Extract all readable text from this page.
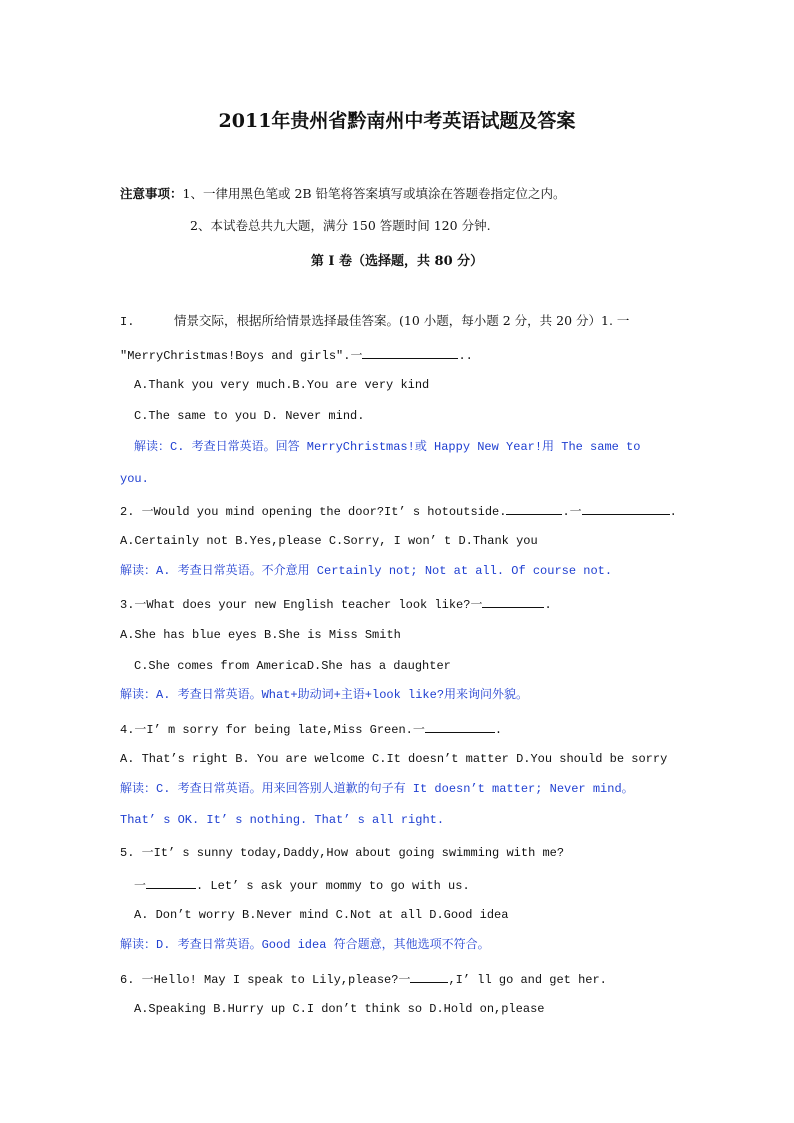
2011年贵州省黔南州中考英语试题及答案
注意事项：1、一律用黑色笔或 2B 铅笔将答案填写或填涂在答题卷指定位之内。
2、本试卷总共九大题，满分 150 答题时间 120 分钟.
第 I 卷（选择题，共 80 分）
I.	情景交际，根据所给情景选择最佳答案。(10 小题，每小题 2 分，共 20 分）1. 一
"MerryChristmas!Boys and girls".一	..
A.Thank you very much.B.You are very kind
C.The same to you D. Never mind.
解读：C. 考查日常英语。回答 MerryChristmas!或 Happy New Year!用 The same to
you.
2. 一Would you mind opening the door?It’ s hotoutside.	.一	.
A.Certainly not B.Yes,please C.Sorry, I won’ t D.Thank you
解读：A. 考查日常英语。不介意用 Certainly not; Not at all. Of course not.
3.一What does your new English teacher look like?一	.
A.She has blue eyes B.She is Miss Smith
C.She comes from AmericaD.She has a daughter
解读：A. 考查日常英语。What+助动词+主语+look like?用来询问外貌。
4.一I’ m sorry for being late,Miss Green.一	.
A. That’s right B. You are welcome C.It doesn’t matter D.You should be sorry
解读：C. 考查日常英语。用来回答别人道歉的句子有 It doesn’t matter; Never mind。
That’ s OK. It’ s nothing. That’ s all right.
5. 一It’ s sunny today,Daddy,How about going swimming with me?
一	. Let’ s ask your mommy to go with us.
A. Don’t worry B.Never mind C.Not at all D.Good idea
解读：D. 考查日常英语。Good idea 符合题意，其他选项不符合。
6. 一Hello! May I speak to Lily,please?一	,I’ ll go and get her.
A.Speaking B.Hurry up C.I don’t think so D.Hold on,please
